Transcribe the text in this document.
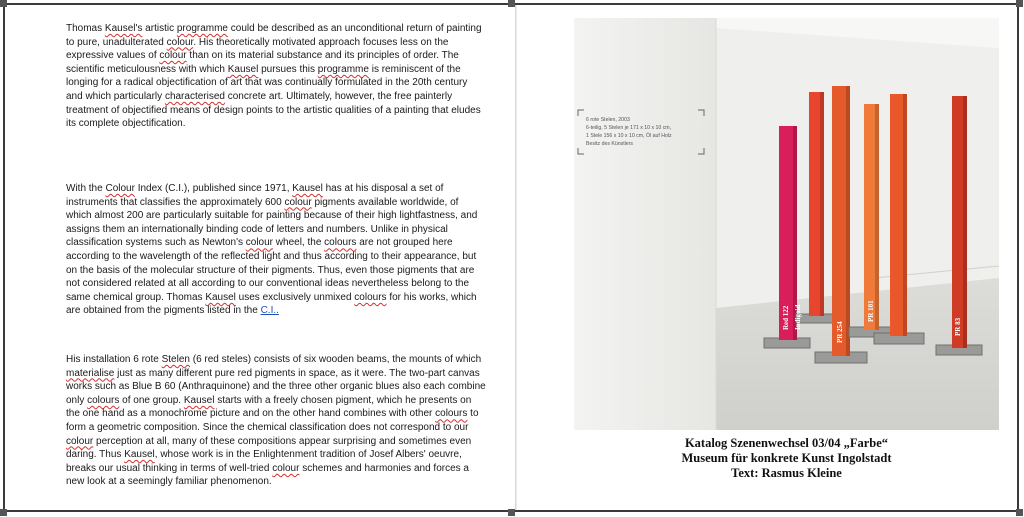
Thomas Kausel's artistic programme could be described as an unconditional return of painting to pure, unadulterated colour. His theoretically motivated approach focuses less on the expressive values of colour than on its material substance and its principles of order. The scientific meticulousness with which Kausel pursues this programme is reminiscent of the longing for a radical objectification of art that was continually formulated in the 20th century and which particularly characterised concrete art. Ultimately, however, the free painterly treatment of objectified means of design points to the artistic qualities of a painting that eludes its complete objectification.

With the Colour Index (C.I.), published since 1971, Kausel has at his disposal a set of instruments that classifies the approximately 600 colour pigments available worldwide, of which almost 200 are particularly suitable for painting because of their high lightfastness, and assigns them an internationally binding code of letters and numbers. Unlike in physical classification systems such as Newton's colour wheel, the colours are not grouped here according to the wavelength of the reflected light and thus according to their appearance, but on the basis of the molecular structure of their pigments. Thus, even those pigments that are not considered related at all according to our conventional ideas nevertheless belong to the same chemical group. Thomas Kausel uses exclusively unmixed colours for his works, which are obtained from the pigments listed in the C.I..

His installation 6 rote Stelen (6 red steles) consists of six wooden beams, the mounts of which materialise just as many different pure red pigments in space, as it were. The two-part canvas works such as Blue B 60 (Anthraquinone) and the three other organic blues also each combine only colours of one group. Kausel starts with a freely chosen pigment, which he presents on the one hand as a monochrome picture and on the other hand combines with other colours to form a geometric composition. Since the chemical classification does not correspond to our colour perception at all, many of these compositions appear surprising and sometimes even daring. Thus Kausel, whose work is in the Enlightenment tradition of Josef Albers' oeuvre, breaks our usual thinking in terms of well-tried colour schemes and harmonies and forces a new look at a seemingly familiar phenomenon.

Red 122 Indigoid
PR 254
PR 101
PR 83
6 rote Stelen, 2003
6-teilig, 5 Stelen je 171 x 10 x 10 cm,
1 Stele 156 x 10 x 10 cm, Öl auf Holz
Besitz des Künstlers
Katalog Szenenwechsel 03/04 „Farbe“
Museum für konkrete Kunst Ingolstadt
Text: Rasmus Kleine
